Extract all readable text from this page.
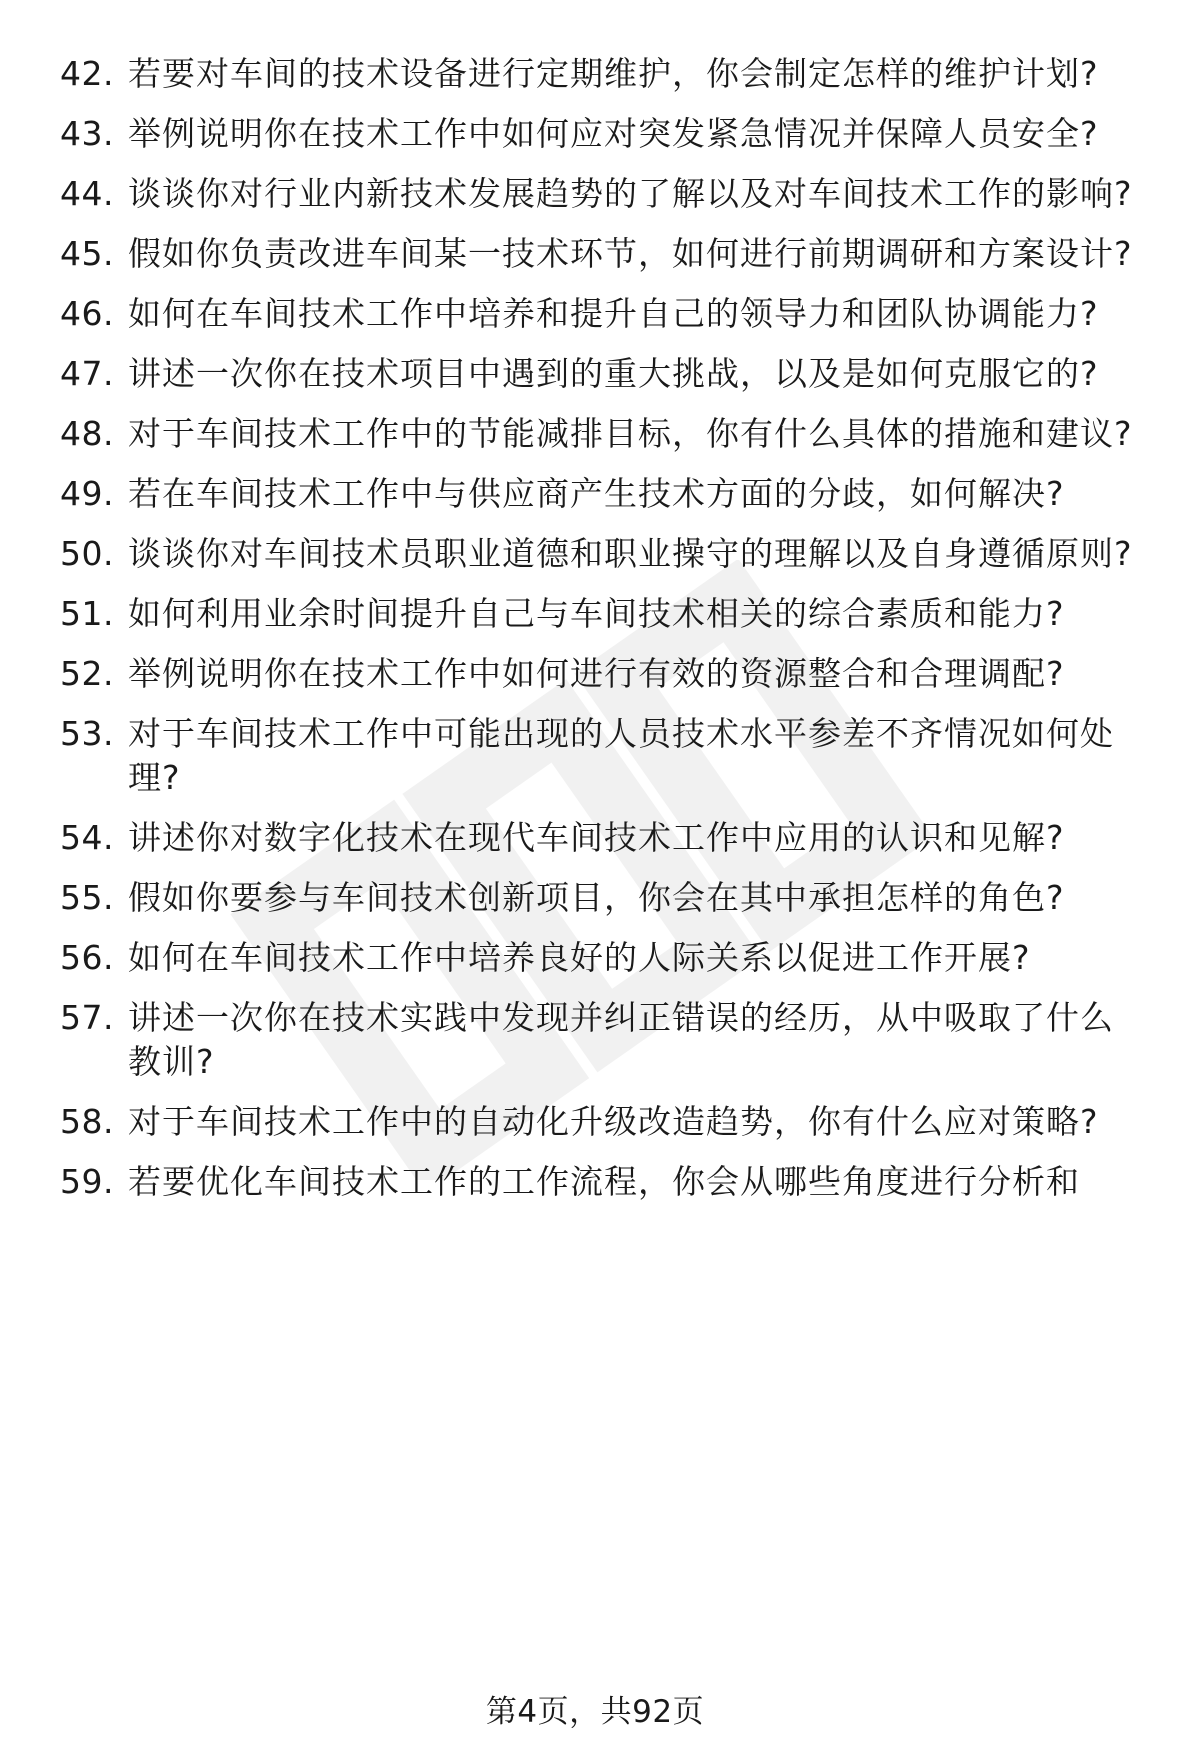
42. 若要对车间的技术设备进行定期维护，你会制定怎样的维护计划?
43. 举例说明你在技术工作中如何应对突发紧急情况并保障人员安全?
44. 谈谈你对行业内新技术发展趋势的了解以及对车间技术工作的影响?
45. 假如你负责改进车间某一技术环节，如何进行前期调研和方案设计?
46. 如何在车间技术工作中培养和提升自己的领导力和团队协调能力?
47. 讲述一次你在技术项目中遇到的重大挑战，以及是如何克服它的?
48. 对于车间技术工作中的节能减排目标，你有什么具体的措施和建议?
49. 若在车间技术工作中与供应商产生技术方面的分歧，如何解决?
50. 谈谈你对车间技术员职业道德和职业操守的理解以及自身遵循原则?
51. 如何利用业余时间提升自己与车间技术相关的综合素质和能力?
52. 举例说明你在技术工作中如何进行有效的资源整合和合理调配?
53. 对于车间技术工作中可能出现的人员技术水平参差不齐情况如何处理?
54. 讲述你对数字化技术在现代车间技术工作中应用的认识和见解?
55. 假如你要参与车间技术创新项目，你会在其中承担怎样的角色?
56. 如何在车间技术工作中培养良好的人际关系以促进工作开展?
57. 讲述一次你在技术实践中发现并纠正错误的经历，从中吸取了什么教训?
58. 对于车间技术工作中的自动化升级改造趋势，你有什么应对策略?
59. 若要优化车间技术工作的工作流程，你会从哪些角度进行分析和
第4页，共92页
